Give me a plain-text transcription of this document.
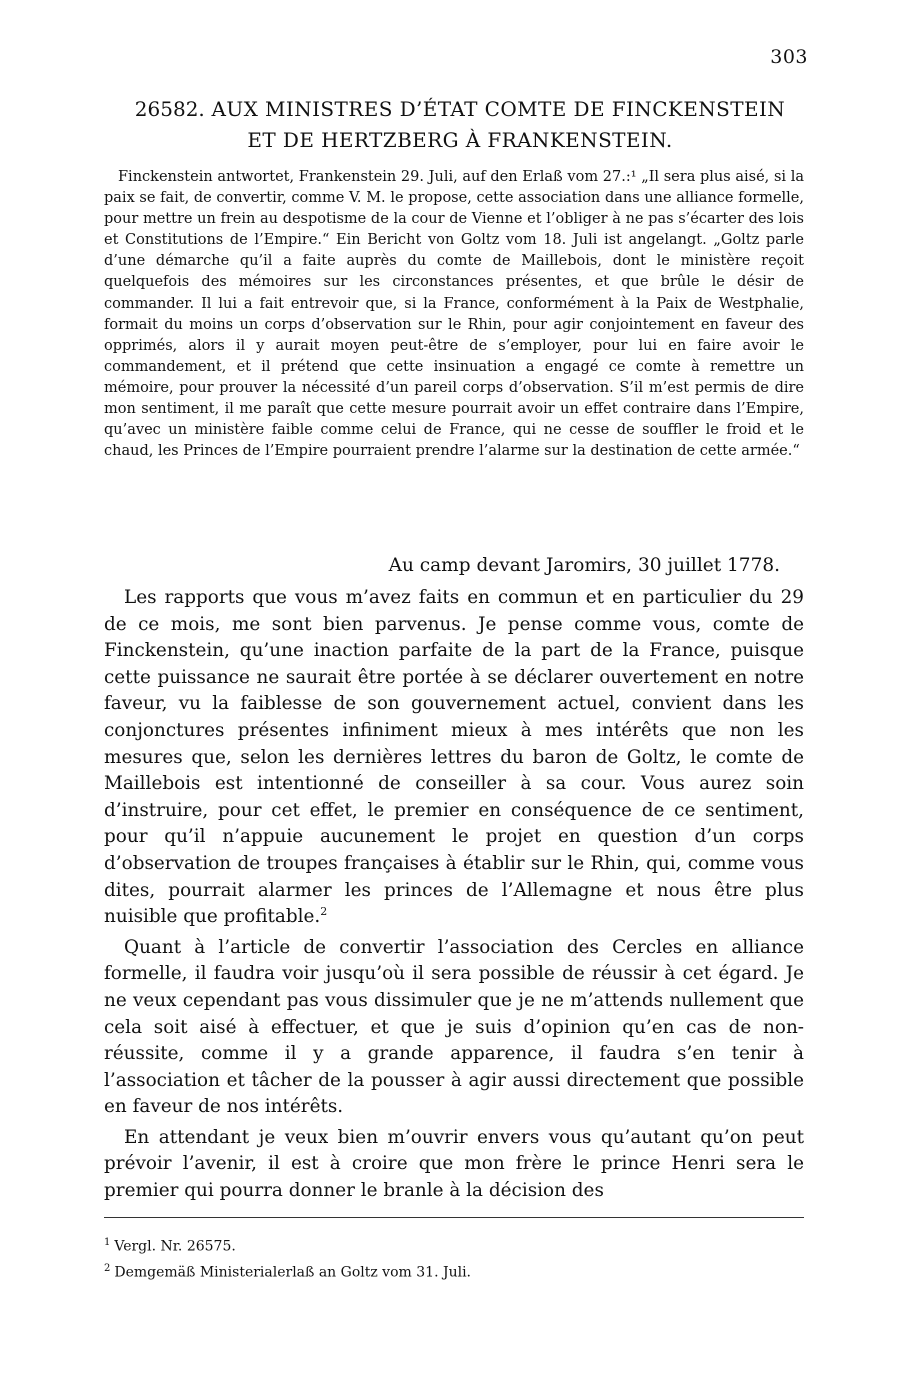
303
26582. AUX MINISTRES D’ÉTAT COMTE DE FINCKENSTEIN
ET DE HERTZBERG À FRANKENSTEIN.

Finckenstein antwortet, Frankenstein 29. Juli, auf den Erlaß vom 27.:¹ „Il sera plus aisé, si la paix se fait, de convertir, comme V. M. le propose, cette association dans une alliance formelle, pour mettre un frein au despotisme de la cour de Vienne et l’obliger à ne pas s’écarter des lois et Constitutions de l’Empire.“ Ein Bericht von Goltz vom 18. Juli ist angelangt. „Goltz parle d’une démarche qu’il a faite auprès du comte de Maillebois, dont le ministère reçoit quelquefois des mémoires sur les circonstances présentes, et que brûle le désir de commander. Il lui a fait entrevoir que, si la France, conformément à la Paix de Westphalie, formait du moins un corps d’observation sur le Rhin, pour agir conjointement en faveur des opprimés, alors il y aurait moyen peut-être de s’employer, pour lui en faire avoir le commandement, et il prétend que cette insinuation a engagé ce comte à remettre un mémoire, pour prouver la nécessité d’un pareil corps d’observation. S’il m’est permis de dire mon sentiment, il me paraît que cette mesure pourrait avoir un effet contraire dans l’Empire, qu’avec un ministère faible comme celui de France, qui ne cesse de souffler le froid et le chaud, les Princes de l’Empire pourraient prendre l’alarme sur la destination de cette armée.“

Au camp devant Jaromirs, 30 juillet 1778.

Les rapports que vous m’avez faits en commun et en particulier du 29 de ce mois, me sont bien parvenus. Je pense comme vous, comte de Finckenstein, qu’une inaction parfaite de la part de la France, puisque cette puissance ne saurait être portée à se déclarer ouvertement en notre faveur, vu la faiblesse de son gouvernement actuel, convient dans les conjonctures présentes infiniment mieux à mes intérêts que non les mesures que, selon les dernières lettres du baron de Goltz, le comte de Maillebois est intentionné de conseiller à sa cour. Vous aurez soin d’instruire, pour cet effet, le premier en conséquence de ce sentiment, pour qu’il n’appuie aucunement le projet en question d’un corps d’observation de troupes françaises à établir sur le Rhin, qui, comme vous dites, pourrait alarmer les princes de l’Allemagne et nous être plus nuisible que profitable.$^2$

Quant à l’article de convertir l’association des Cercles en alliance formelle, il faudra voir jusqu’où il sera possible de réussir à cet égard. Je ne veux cependant pas vous dissimuler que je ne m’attends nullement que cela soit aisé à effectuer, et que je suis d’opinion qu’en cas de non-réussite, comme il y a grande apparence, il faudra s’en tenir à l’association et tâcher de la pousser à agir aussi directement que possible en faveur de nos intérêts.

En attendant je veux bien m’ouvrir envers vous qu’autant qu’on peut prévoir l’avenir, il est à croire que mon frère le prince Henri sera le premier qui pourra donner le branle à la décision des

$^1$ Vergl. Nr. 26575.
$^2$ Demgemäß Ministerialerlaß an Goltz vom 31. Juli.
